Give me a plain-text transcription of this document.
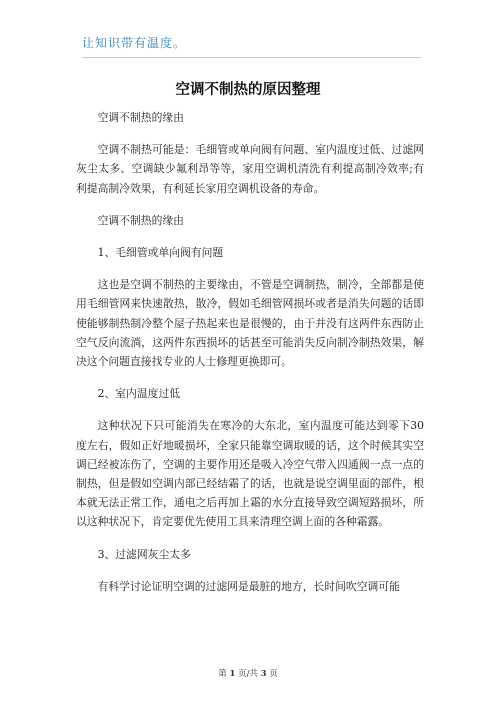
让知识带有温度。
空调不制热的原因整理

空调不制热的缘由

空调不制热可能是：毛细管或单向阀有问题、室内温度过低、过滤网灰尘太多、空调缺少氟利昂等等，家用空调机清洗有利提高制冷效率;有利提高制冷效果，有利延长家用空调机设备的寿命。

空调不制热的缘由

1、毛细管或单向阀有问题

这也是空调不制热的主要缘由，不管是空调制热，制冷，全部都是使用毛细管网来快速散热，散冷，假如毛细管网损坏或者是消失问题的话即使能够制热制冷整个屋子热起来也是很慢的，由于并没有这两件东西防止空气反向流淌，这两件东西损坏的话甚至可能消失反向制冷制热效果，解决这个问题直接找专业的人士修理更换即可。

2、室内温度过低

这种状况下只可能消失在寒冷的大东北，室内温度可能达到零下30度左右，假如正好地暖损坏，全家只能靠空调取暖的话，这个时候其实空调已经被冻伤了，空调的主要作用还是吸入冷空气带入四通阀一点一点的制热，但是假如空调内部已经结霜了的话，也就是说空调里面的部件，根本就无法正常工作，通电之后再加上霜的水分直接导致空调短路损坏，所以这种状况下，肯定要优先使用工具来清理空调上面的各种霜露。

3、过滤网灰尘太多

有科学讨论证明空调的过滤网是最脏的地方，长时间吹空调可能

第 1 页/共 3 页
